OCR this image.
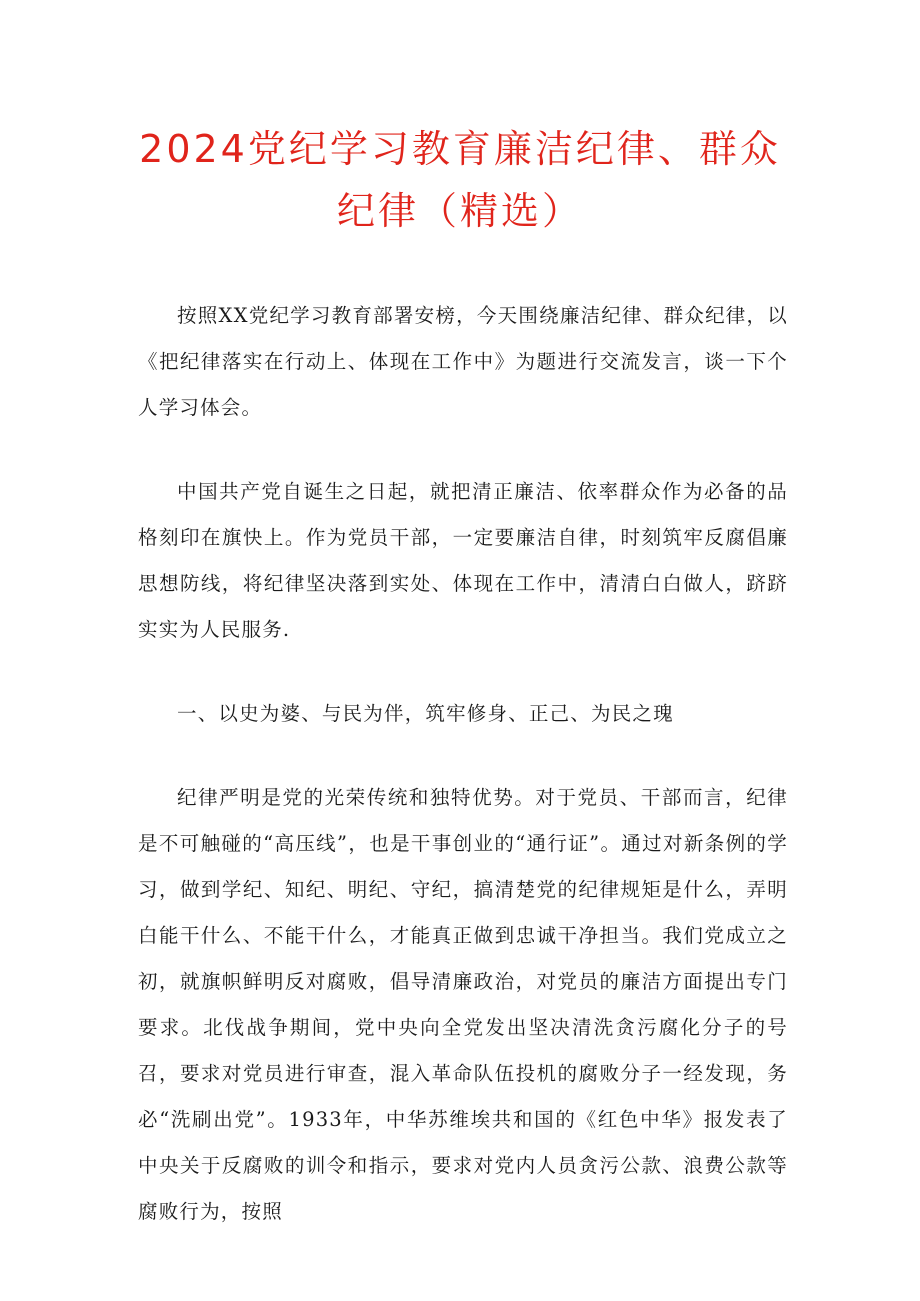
2024党纪学习教育廉洁纪律、群众纪律（精选）

按照XX党纪学习教育部署安榜，今天围绕廉洁纪律、群众纪律，以《把纪律落实在行动上、体现在工作中》为题进行交流发言，谈一下个人学习体会。

中国共产党自诞生之日起，就把清正廉洁、依率群众作为必备的品格刻印在旗快上。作为党员干部，一定要廉洁自律，时刻筑牢反腐倡廉思想防线，将纪律坚决落到实处、体现在工作中，清清白白做人，跻跻实实为人民服务.

一、以史为婆、与民为伴，筑牢修身、正己、为民之瑰

纪律严明是党的光荣传统和独特优势。对于党员、干部而言，纪律是不可触碰的“高压线”，也是干事创业的“通行证”。通过对新条例的学习，做到学纪、知纪、明纪、守纪，搞清楚党的纪律规矩是什么，弄明白能干什么、不能干什么，才能真正做到忠诚干净担当。我们党成立之初，就旗帜鲜明反对腐败，倡导清廉政治，对党员的廉洁方面提出专门要求。北伐战争期间，党中央向全党发出坚决清洗贪污腐化分子的号召，要求对党员进行审查，混入革命队伍投机的腐败分子一经发现，务必“洗刷出党”。1933年，中华苏维埃共和国的《红色中华》报发表了中央关于反腐败的训令和指示，要求对党内人员贪污公款、浪费公款等腐败行为，按照
